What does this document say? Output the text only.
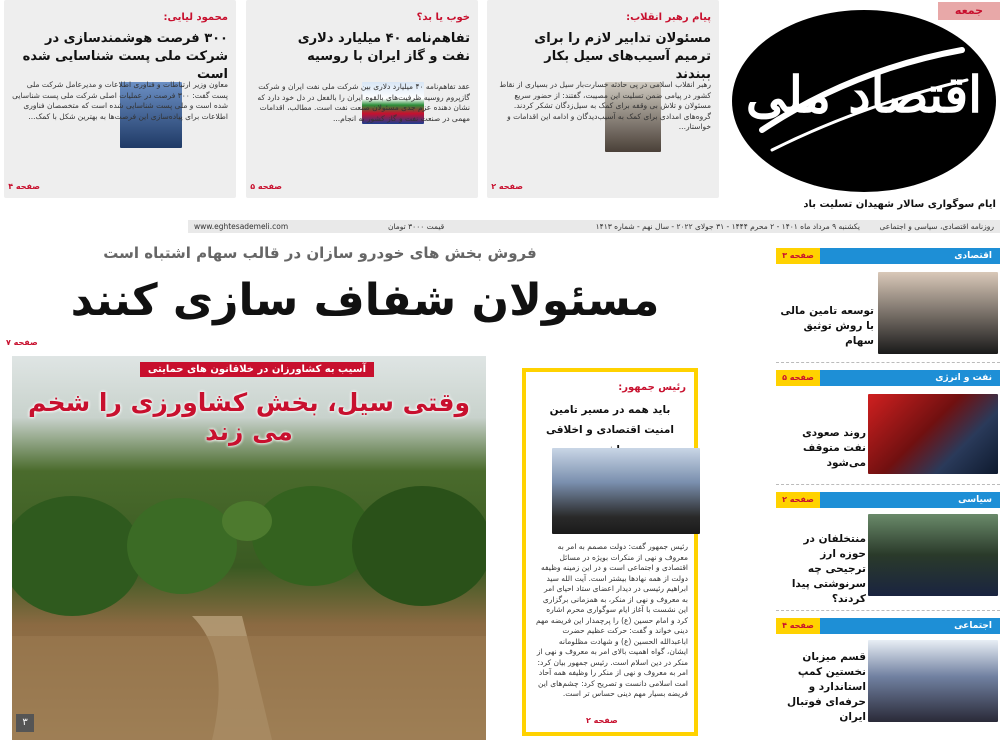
جمعه
اقتصاد ملی
ایام سوگواری سالار شهیدان تسلیت باد
پیام رهبر انقلاب:
مسئولان تدابیر لازم را برای ترمیم آسیب‌های سیل بکار ببندند
رهبر انقلاب اسلامی در پی حادثه خسارت‌بار سیل در بسیاری از نقاط کشور در پیامی ضمن تسلیت این مصیبت، گفتند: از حضور سریع مسئولان و تلاش بی وقفه برای کمک به سیل‌زدگان تشکر کردند. گروه‌های امدادی برای کمک به آسیب‌دیدگان و ادامه این اقدامات و خواستار...
صفحه ۲
خوب یا بد؟
تفاهم‌نامه ۴۰ میلیارد دلاری نفت و گاز ایران با روسیه
عقد تفاهم‌نامه ۴۰ میلیارد دلاری بین شرکت ملی نفت ایران و شرکت گازپروم روسیه ظرفیت‌های بالقوه ایران را بالفعل در دل خود دارد که نشان دهنده عزم جدی مسئولان صنعت نفت است. مطالب، اقدامات مهمی در صنعت نفت و گاز کشور به انجام...
صفحه ۵
محمود لیایی:
۳۰۰ فرصت هوشمندسازی در شرکت ملی پست شناسایی شده است
معاون وزیر ارتباطات و فناوری اطلاعات و مدیرعامل شرکت ملی پست گفت: ۳۰۰ فرصت در عملیات اصلی شرکت ملی پست شناسایی شده است و ملی پست شناسایی شده است که متخصصان فناوری اطلاعات برای پیاده‌سازی این فرصت‌ها به بهترین شکل با کمک...
صفحه ۴
www.eghtesademeli.com	قیمت ۳۰۰۰ تومان	یکشنبه ۹ مرداد ماه ۱۴۰۱ - ۲ محرم ۱۴۴۴ - ۳۱ جولای ۲۰۲۲ - سال نهم - شماره ۱۴۱۳	روزنامه اقتصادی، سیاسی و اجتماعی
فروش بخش های خودرو سازان در قالب سهام اشتباه است
مسئولان شفاف سازی کنند
صفحه ۷
آسیب به کشاورزان در خلاقانون های حمایتی
وقتی سیل، بخش کشاورزی را شخم می زند
۳
رئیس جمهور:
باید همه در مسیر تامین امنیت اقتصادی و اخلاقی
رئیس جمهور گفت: دولت مصمم به امر به معروف و نهی از منکرات بویژه در مسائل اقتصادی و اجتماعی است و در این زمینه وظیفه دولت از همه نهادها بیشتر است. آیت الله سید ابراهیم رئیسی در دیدار اعضای ستاد احیای امر به معروف و نهی از منکر، به همزمانی برگزاری این نشست با آغاز ایام سوگواری محرم اشاره کرد و امام حسین (ع) را پرچمدار این فریضه مهم دینی خواند و گفت: حرکت عظیم حضرت اباعبدالله الحسین (ع) و شهادت مظلومانه ایشان، گواه اهمیت بالای امر به معروف و نهی از منکر در دین اسلام است. رئیس جمهور بیان کرد: امر به معروف و نهی از منکر را وظیفه همه آحاد امت اسلامی دانست و تصریح کرد: چشم‌های این فریضه بسیار مهم دینی حساس تر است.
صفحه ۲
صفحه ۳	اقتصادی
توسعه تامین مالی با روش توثیق سهام
صفحه ۵	نفت و انرژی
روند صعودی نفت متوقف می‌شود
صفحه ۲	سیاسی
منتخلفان در حوزه ارز ترجیحی چه سرنوشتی پیدا کردند؟
صفحه ۴	اجتماعی
قسم میزبان نخستین کمپ استاندارد و حرفه‌ای فوتبال ایران
